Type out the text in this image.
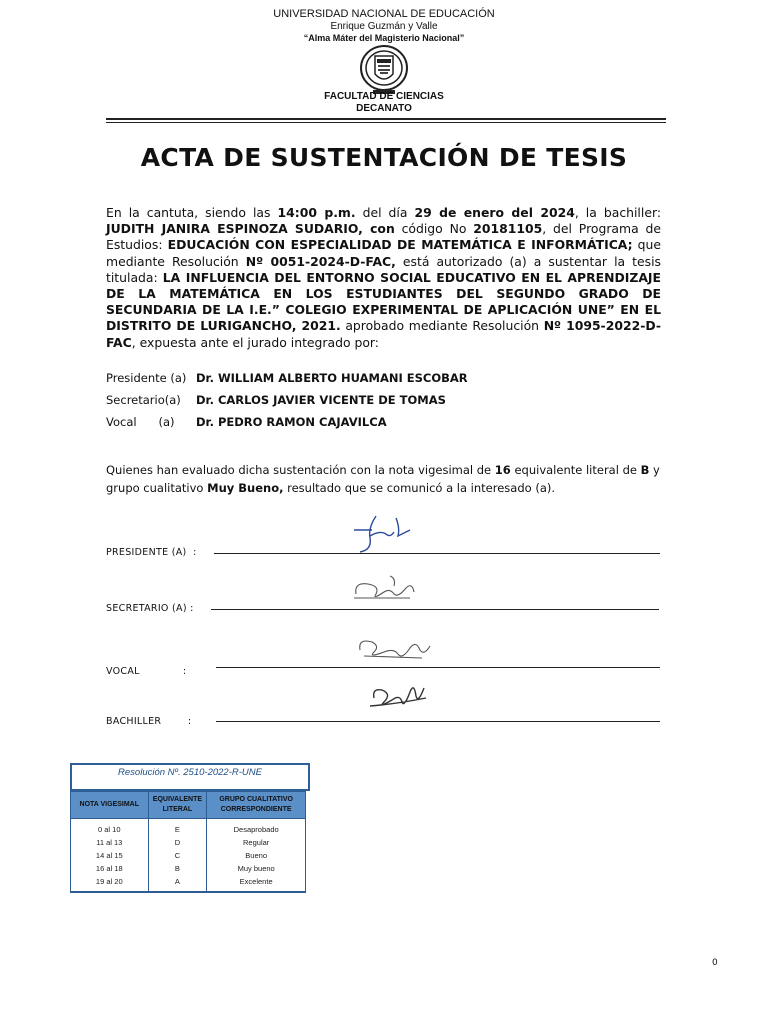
UNIVERSIDAD NACIONAL DE EDUCACIÓN
Enrique Guzmán y Valle
“Alma Máter del Magisterio Nacional”
FACULTAD DE CIENCIAS
DECANATO
ACTA DE SUSTENTACIÓN DE TESIS
En la cantuta, siendo las 14:00 p.m. del día 29 de enero del 2024, la bachiller: JUDITH JANIRA ESPINOZA SUDARIO, con código No 20181105, del Programa de Estudios: EDUCACIÓN CON ESPECIALIDAD DE MATEMÁTICA E INFORMÁTICA; que mediante Resolución Nº 0051-2024-D-FAC, está autorizado (a) a sustentar la tesis titulada: LA INFLUENCIA DEL ENTORNO SOCIAL EDUCATIVO EN EL APRENDIZAJE DE LA MATEMÁTICA EN LOS ESTUDIANTES DEL SEGUNDO GRADO DE SECUNDARIA DE LA I.E.” COLEGIO EXPERIMENTAL DE APLICACIÓN UNE” EN EL DISTRITO DE LURIGANCHO, 2021. aprobado mediante Resolución Nº 1095-2022-D-FAC, expuesta ante el jurado integrado por:
Presidente (a) Dr. WILLIAM ALBERTO HUAMANI ESCOBAR
Secretario(a) Dr. CARLOS JAVIER VICENTE DE TOMAS
Vocal      (a) Dr. PEDRO RAMON CAJAVILCA
Quienes han evaluado dicha sustentación con la nota vigesimal de 16 equivalente literal de B y grupo cualitativo Muy Bueno, resultado que se comunicó a la interesado (a).
PRESIDENTE (A)  :
SECRETARIO (A) :
VOCAL             :
BACHILLER        :
Resolución Nº. 2510-2022-R-UNE
NOTA VIGESIMAL	EQUIVALENTE LITERAL	GRUPO CUALITATIVO CORRESPONDIENTE
0 al 10	E	Desaprobado
11 al 13	D	Regular
14 al 15	C	Bueno
16 al 18	B	Muy bueno
19 al 20	A	Excelente
0
